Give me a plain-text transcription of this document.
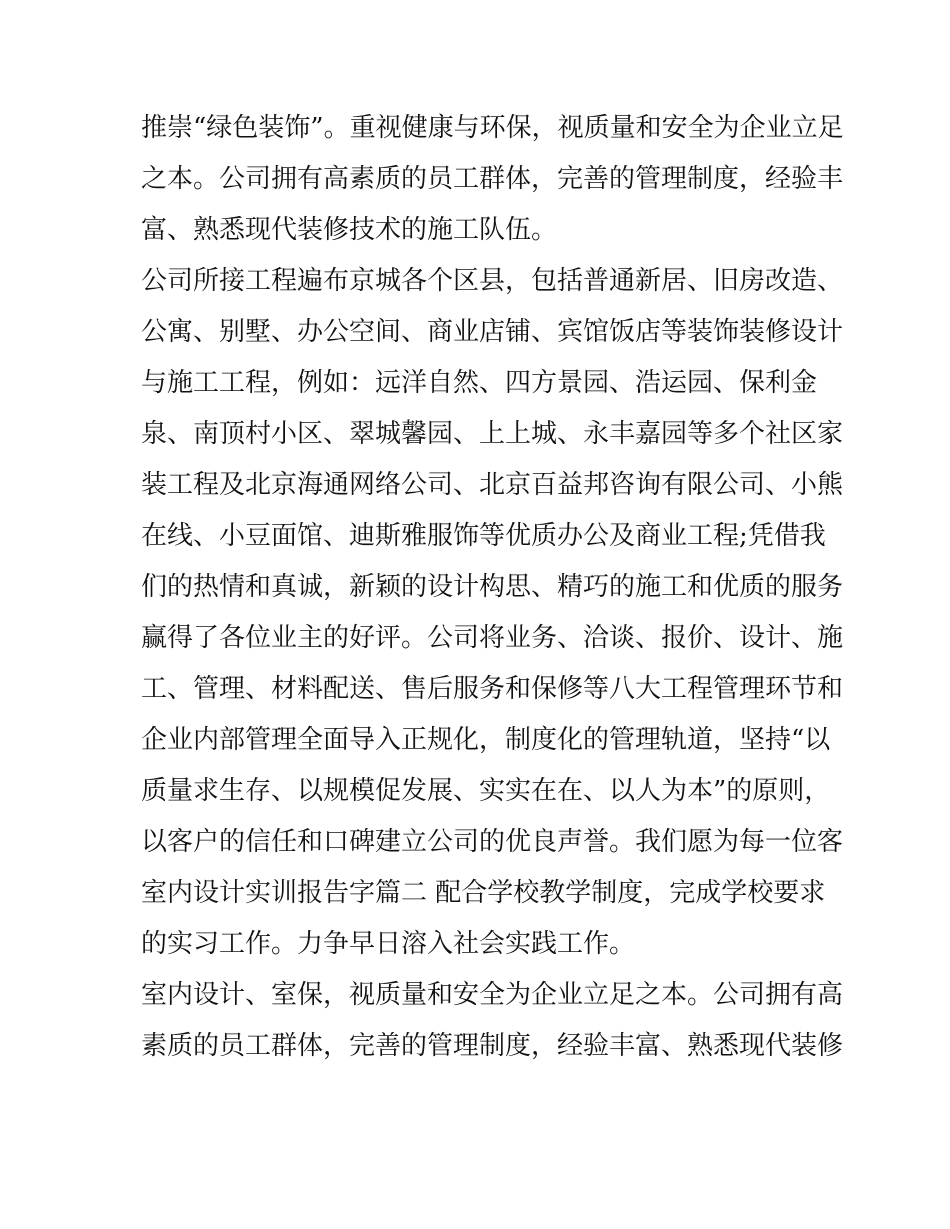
推崇“绿色装饰”。重视健康与环保，视质量和安全为企业立足
之本。公司拥有高素质的员工群体，完善的管理制度，经验丰
富、熟悉现代装修技术的施工队伍。
公司所接工程遍布京城各个区县，包括普通新居、旧房改造、
公寓、别墅、办公空间、商业店铺、宾馆饭店等装饰装修设计
与施工工程，例如：远洋自然、四方景园、浩运园、保利金
泉、南顶村小区、翠城馨园、上上城、永丰嘉园等多个社区家
装工程及北京海通网络公司、北京百益邦咨询有限公司、小熊
在线、小豆面馆、迪斯雅服饰等优质办公及商业工程;凭借我
们的热情和真诚，新颖的设计构思、精巧的施工和优质的服务
赢得了各位业主的好评。公司将业务、洽谈、报价、设计、施
工、管理、材料配送、售后服务和保修等八大工程管理环节和
企业内部管理全面导入正规化，制度化的管理轨道，坚持“以
质量求生存、以规模促发展、实实在在、以人为本”的原则，
以客户的信任和口碑建立公司的优良声誉。我们愿为每一位客
室内设计实训报告字篇二 配合学校教学制度，完成学校要求
的实习工作。力争早日溶入社会实践工作。
室内设计、室保，视质量和安全为企业立足之本。公司拥有高
素质的员工群体，完善的管理制度，经验丰富、熟悉现代装修
